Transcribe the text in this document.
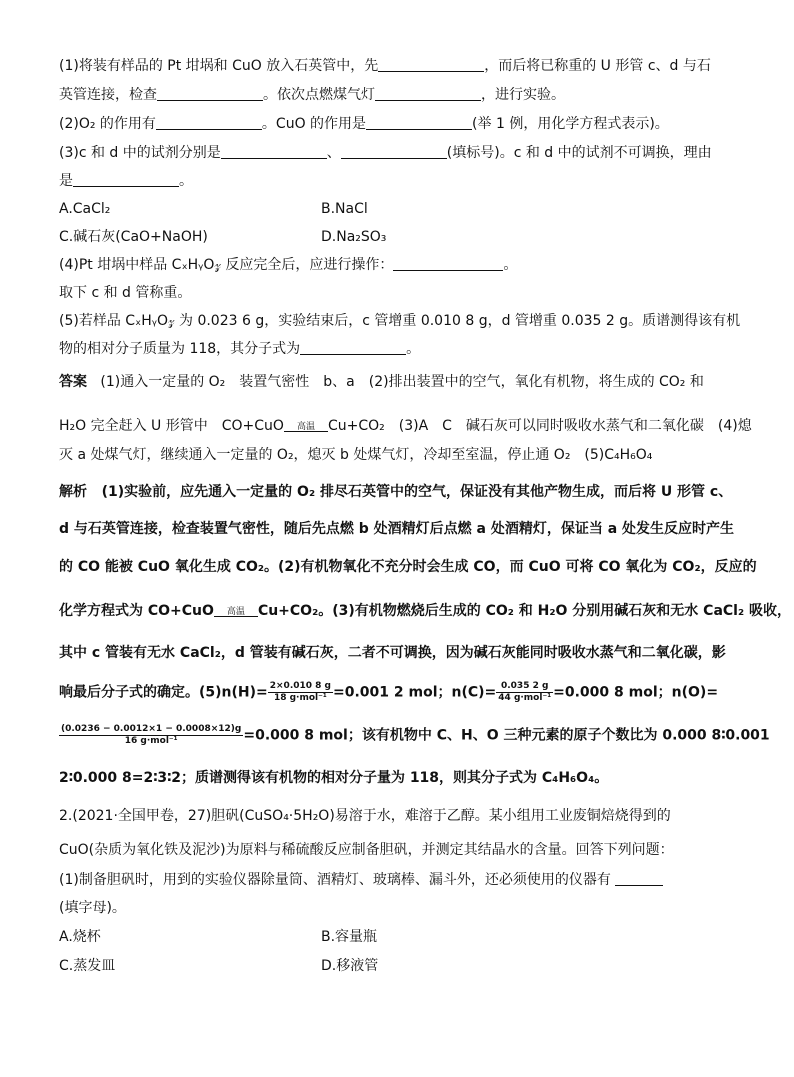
(1)将装有样品的 Pt 坩埚和 CuO 放入石英管中，先	，而后将已称重的 U 形管 c、d 与石
英管连接，检查	。依次点燃煤气灯	，进行实验。
(2)O₂ 的作用有	。CuO 的作用是	(举 1 例，用化学方程式表示)。
(3)c 和 d 中的试剂分别是	、	(填标号)。c 和 d 中的试剂不可调换，理由
是	。
A.CaCl₂	B.NaCl
C.碱石灰(CaO+NaOH)	D.Na₂SO₃
(4)Pt 坩埚中样品 CₓHᵧO𝓏 反应完全后，应进行操作：	。
取下 c 和 d 管称重。
(5)若样品 CₓHᵧO𝓏 为 0.023 6 g，实验结束后，c 管增重 0.010 8 g，d 管增重 0.035 2 g。质谱测得该有机
物的相对分子质量为 118，其分子式为	。
答案 (1)通入一定量的 O₂　装置气密性　b、a　(2)排出装置中的空气，氧化有机物，将生成的 CO₂ 和
H₂O 完全赶入 U 形管中　CO+CuO	高温 Cu+CO₂　(3)A　C　碱石灰可以同时吸收水蒸气和二氧化碳　(4)熄
灭 a 处煤气灯，继续通入一定量的 O₂，熄灭 b 处煤气灯，冷却至室温，停止通 O₂　(5)C₄H₆O₄
解析 (1)实验前，应先通入一定量的 O₂ 排尽石英管中的空气，保证没有其他产物生成，而后将 U 形管 c、
d 与石英管连接，检查装置气密性，随后先点燃 b 处酒精灯后点燃 a 处酒精灯，保证当 a 处发生反应时产生
的 CO 能被 CuO 氧化生成 CO₂。(2)有机物氧化不充分时会生成 CO，而 CuO 可将 CO 氧化为 CO₂，反应的
化学方程式为 CO+CuO	高温 Cu+CO₂。(3)有机物燃烧后生成的 CO₂ 和 H₂O 分别用碱石灰和无水 CaCl₂ 吸收，
其中 c 管装有无水 CaCl₂，d 管装有碱石灰，二者不可调换，因为碱石灰能同时吸收水蒸气和二氧化碳，影
响最后分子式的确定。$(5)n(H)= \frac{2\times 0.010 8 g}{\text{18 g·mol⁻¹}} =0.001$ 2 mol；$n(C)= \frac{0.035 2 g}{\text{44 g·mol⁻¹}} =0.000$ 8 mol；n(O)=
$\frac{(0.0236 - 0.0012\times 1 - 0.0008\times 12)g}{\text{16 g·mol⁻¹}} =0.000$ 8 mol；该有机物中 C、H、O 三种元素的原子个数比为 0.000 8∶0.001
2∶0.000 8=2∶3∶2；质谱测得该有机物的相对分子量为 118，则其分子式为 C₄H₆O₄。
2.(2021·全国甲卷，27)胆矾(CuSO₄·5H₂O)易溶于水，难溶于乙醇。某小组用工业废铜焙烧得到的
CuO(杂质为氧化铁及泥沙)为原料与稀硫酸反应制备胆矾，并测定其结晶水的含量。回答下列问题：
(1)制备胆矾时，用到的实验仪器除量筒、酒精灯、玻璃棒、漏斗外，还必须使用的仪器有
(填字母)。
A.烧杯	B.容量瓶
C.蒸发皿	D.移液管
